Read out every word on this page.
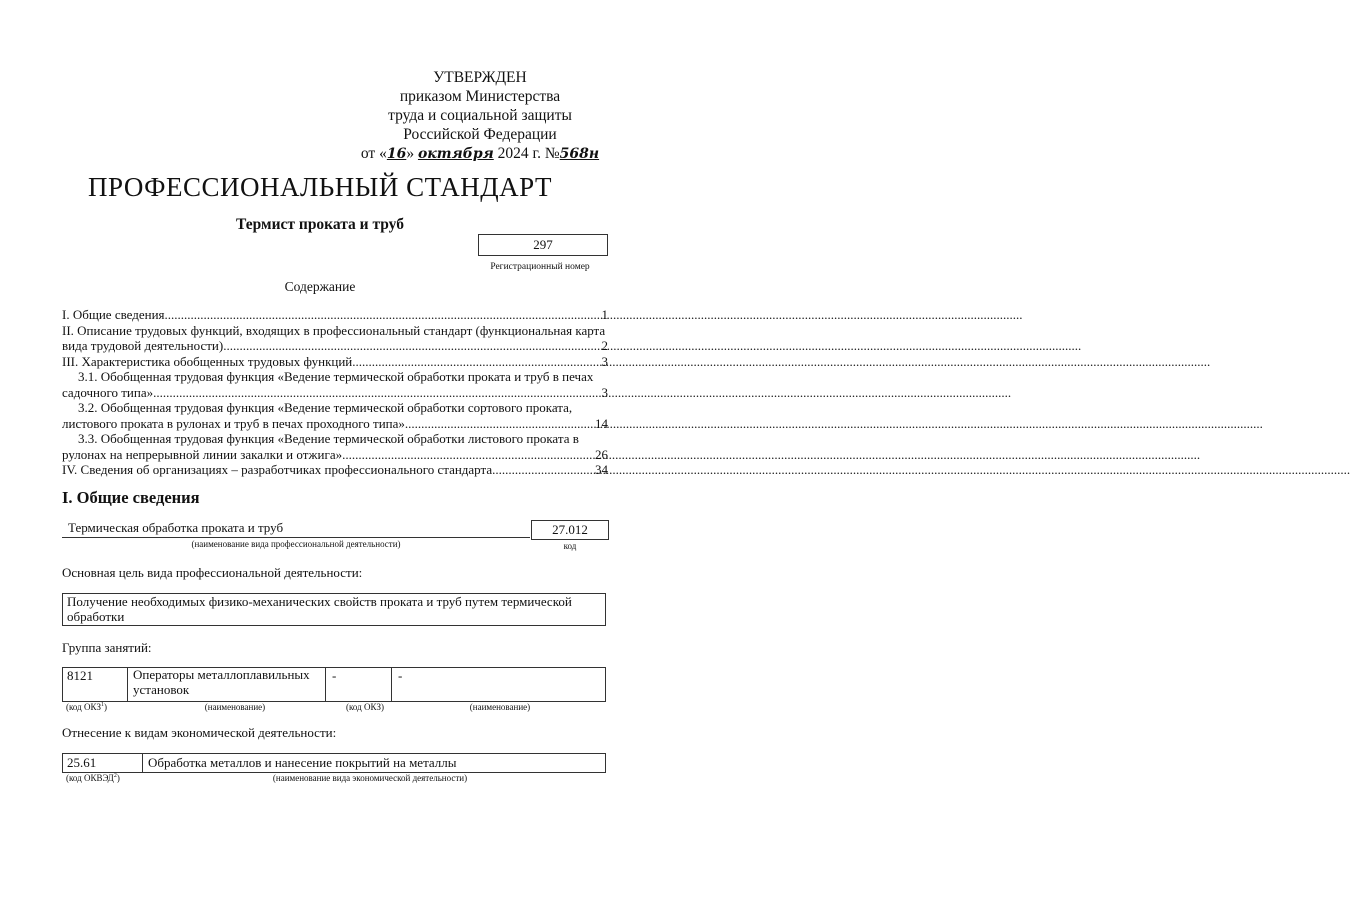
УТВЕРЖДЕН
приказом Министерства
труда и социальной защиты
Российской Федерации
от «16» октября 2024 г. №568н
ПРОФЕССИОНАЛЬНЫЙ СТАНДАРТ
Термист проката и труб
297
Регистрационный номер
Содержание
I. Общие сведения .....	1
II. Описание трудовых функций, входящих в профессиональный стандарт (функциональная карта
вида трудовой деятельности) .....	2
III. Характеристика обобщенных трудовых функций .....	3
3.1. Обобщенная трудовая функция «Ведение термической обработки проката и труб в печах
садочного типа» .....	3
3.2. Обобщенная трудовая функция «Ведение термической обработки сортового проката,
листового проката в рулонах и труб в печах проходного типа» .....	14
3.3. Обобщенная трудовая функция «Ведение термической обработки листового проката в
рулонах на непрерывной линии закалки и отжига» .....	26
IV. Сведения об организациях – разработчиках профессионального стандарта .....	34
I. Общие сведения
Термическая обработка проката и труб
(наименование вида профессиональной деятельности)
27.012
код
Основная цель вида профессиональной деятельности:
Получение необходимых физико-механических свойств проката и труб путем термической
обработки
Группа занятий:
8121	Операторы металлоплавильных
установок
-	-
(код ОКЗ$^1$)	(наименование)	(код ОКЗ)	(наименование)
Отнесение к видам экономической деятельности:
25.61	Обработка металлов и нанесение покрытий на металлы
(код ОКВЭД$^2$)	(наименование вида экономической деятельности)
